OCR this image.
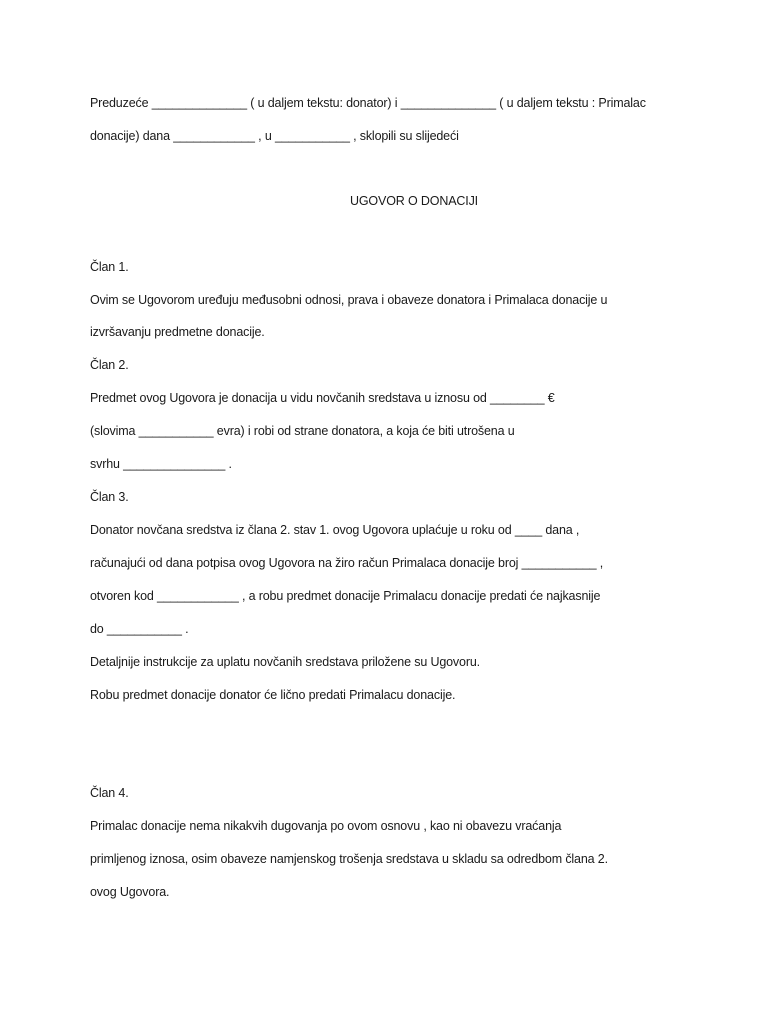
Preduzeće ______________ ( u daljem tekstu: donator) i ______________ ( u daljem tekstu : Primalac
donacije) dana ____________ , u ___________ , sklopili su slijedeći
UGOVOR O DONACIJI
Član 1.
Ovim se Ugovorom uređuju međusobni odnosi, prava i obaveze donatora i Primalaca donacije u
izvršavanju predmetne donacije.
Član 2.
Predmet ovog Ugovora je donacija u vidu novčanih sredstava u iznosu od ________ €
(slovima ___________ evra) i robi od strane donatora, a koja će biti utrošena u
svrhu _______________ .
Član 3.
Donator novčana sredstva iz člana 2. stav 1. ovog Ugovora uplaćuje u roku od ____ dana ,
računajući od dana potpisa ovog Ugovora na žiro račun Primalaca donacije broj ___________ ,
otvoren kod ____________ , a robu predmet donacije Primalacu donacije predati će najkasnije
do ___________ .
Detaljnije instrukcije za uplatu novčanih sredstava priložene su Ugovoru.
Robu predmet donacije donator će lično predati Primalacu donacije.
Član 4.
Primalac donacije nema nikakvih dugovanja po ovom osnovu , kao ni obavezu vraćanja
primljenog iznosa, osim obaveze namjenskog trošenja sredstava u skladu sa odredbom člana 2.
ovog Ugovora.
